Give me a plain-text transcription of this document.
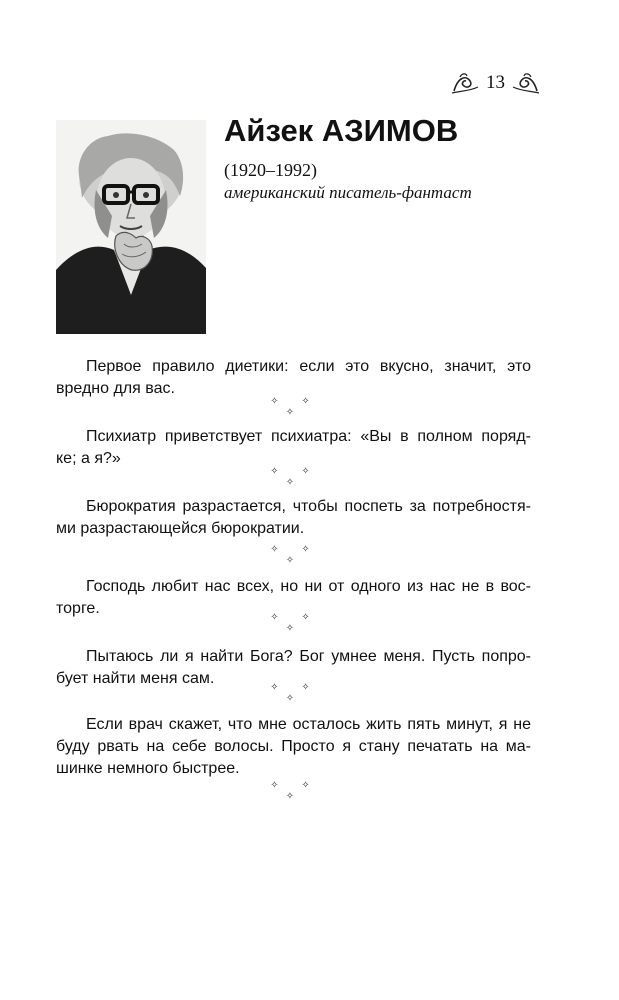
13
Айзек АЗИМОВ
(1920–1992)
американский писатель-фантаст
Первое правило диетики: если это вкусно, значит, это
вредно для вас.
✧ ✧ ✧
Психиатр приветствует психиатра: «Вы в полном поряд-
ке; а я?»
✧ ✧ ✧
Бюрократия разрастается, чтобы поспеть за потребностя-
ми разрастающейся бюрократии.
✧ ✧ ✧
Господь любит нас всех, но ни от одного из нас не в вос-
торге.
✧ ✧ ✧
Пытаюсь ли я найти Бога? Бог умнее меня. Пусть попро-
бует найти меня сам.
✧ ✧ ✧
Если врач скажет, что мне осталось жить пять минут, я не
буду рвать на себе волосы. Просто я стану печатать на ма-
шинке немного быстрее.
✧ ✧ ✧
